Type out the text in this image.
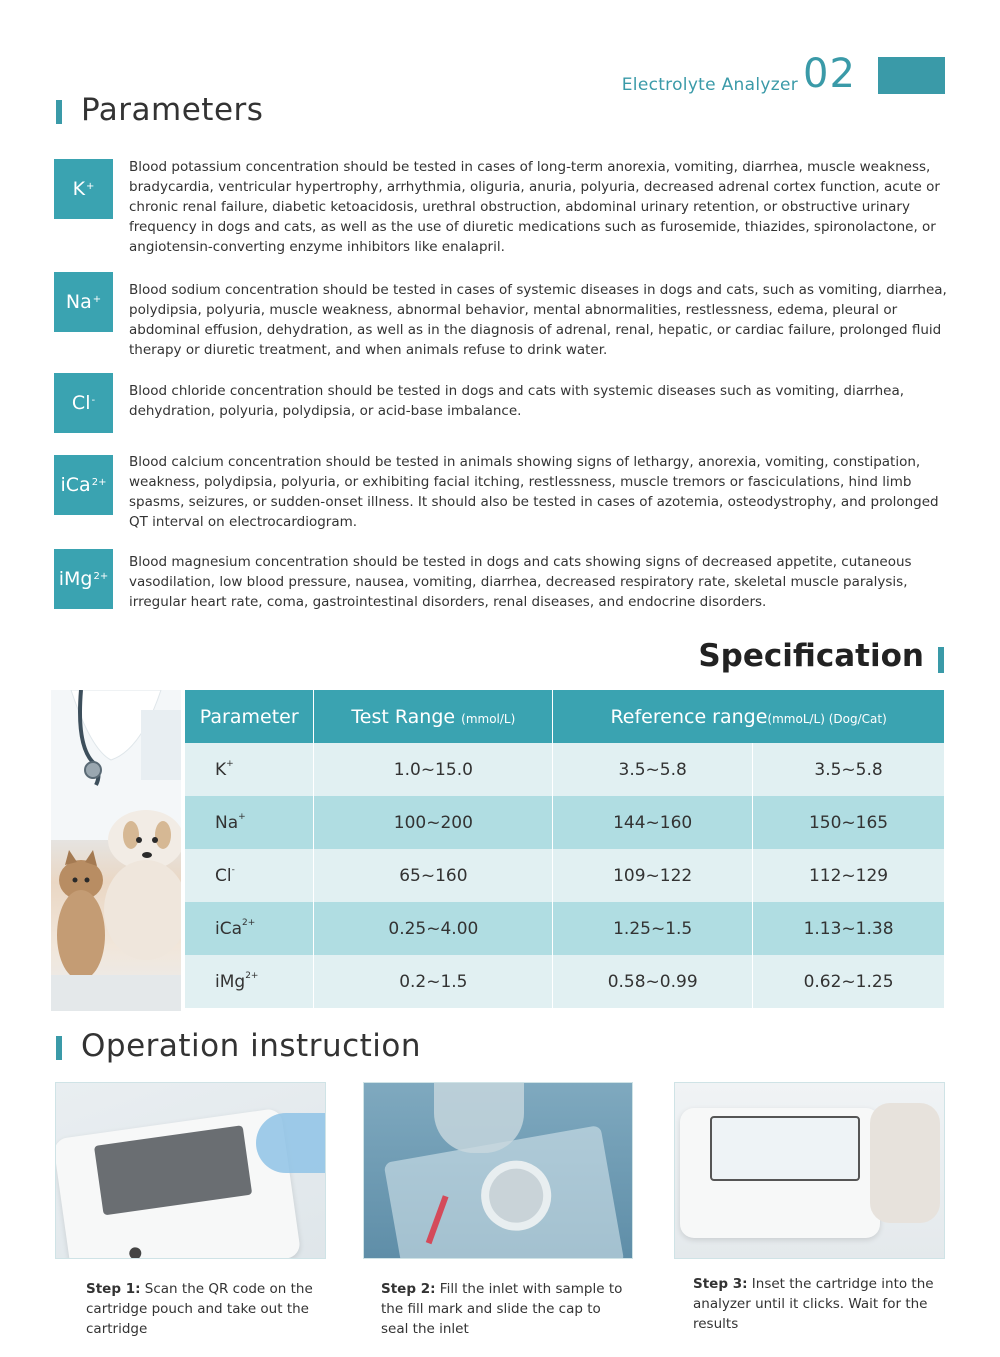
Electrolyte Analyzer 02
Parameters
K+
Blood potassium concentration should be tested in cases of long-term anorexia, vomiting, diarrhea, muscle weakness, bradycardia, ventricular hypertrophy, arrhythmia, oliguria, anuria, polyuria, decreased adrenal cortex function, acute or chronic renal failure, diabetic ketoacidosis, urethral obstruction, abdominal urinary retention, or obstructive urinary frequency in dogs and cats, as well as the use of diuretic medications such as furosemide, thiazides, spironolactone, or angiotensin-converting enzyme inhibitors like enalapril.
Na+
Blood sodium concentration should be tested in cases of systemic diseases in dogs and cats, such as vomiting, diarrhea, polydipsia, polyuria, muscle weakness, abnormal behavior, mental abnormalities, restlessness, edema, pleural or abdominal effusion, dehydration, as well as in the diagnosis of adrenal, renal, hepatic, or cardiac failure, prolonged fluid therapy or diuretic treatment, and when animals refuse to drink water.
Cl-
Blood chloride concentration should be tested in dogs and cats with systemic diseases such as vomiting, diarrhea, dehydration, polyuria, polydipsia, or acid-base imbalance.
iCa$^{2+}$
Blood calcium concentration should be tested in animals showing signs of lethargy, anorexia, vomiting, constipation, weakness, polydipsia, polyuria, or exhibiting facial itching, restlessness, muscle tremors or fasciculations, hind limb spasms, seizures, or sudden-onset illness. It should also be tested in cases of azotemia, osteodystrophy, and prolonged QT interval on electrocardiogram.
iMg$^{2+}$
Blood magnesium concentration should be tested in dogs and cats showing signs of decreased appetite, cutaneous vasodilation, low blood pressure, nausea, vomiting, diarrhea, decreased respiratory rate, skeletal muscle paralysis, irregular heart rate, coma, gastrointestinal disorders, renal diseases, and endocrine disorders.
Specification
Parameter	Test Range (mmol/L)	Reference range(mmoL/L) (Dog/Cat)	
K+	1.0~15.0	3.5~5.8	3.5~5.8
Na+	100~200	144~160	150~165
Cl-	65~160	109~122	112~129
iCa$^{2+}$	0.25~4.00	1.25~1.5	1.13~1.38
iMg$^{2+}$	0.2~1.5	0.58~0.99	0.62~1.25
Operation instruction
Step 1: Scan the QR code on the cartridge pouch and take out the cartridge
Step 2: Fill the inlet with sample to the fill mark and slide the cap to seal the inlet
Step 3: Inset the cartridge into the analyzer until it clicks. Wait for the results
